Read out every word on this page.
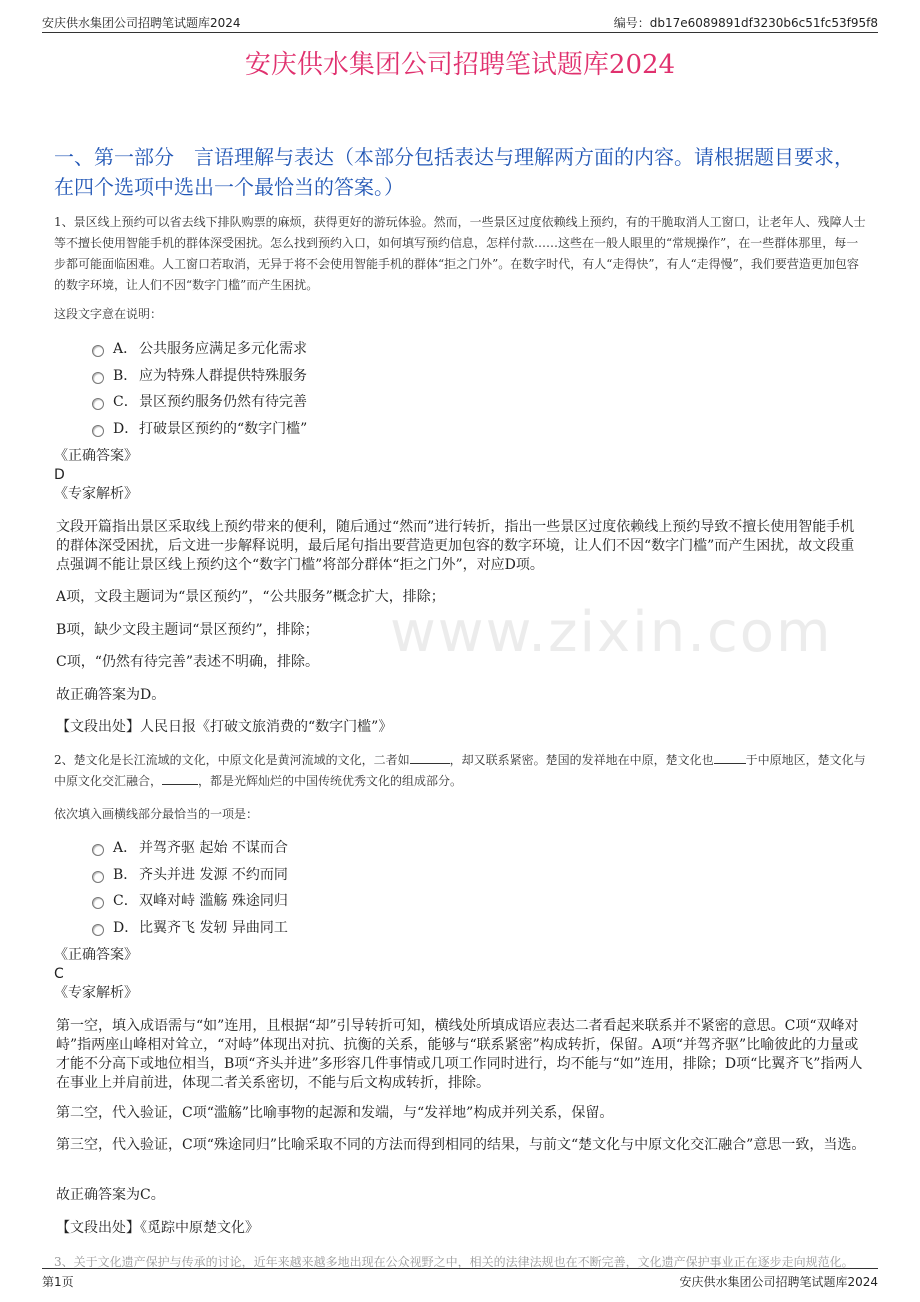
安庆供水集团公司招聘笔试题库2024	编号：db17e6089891df3230b6c51fc53f95f8
安庆供水集团公司招聘笔试题库2024
一、第一部分　言语理解与表达（本部分包括表达与理解两方面的内容。请根据题目要求，在四个选项中选出一个最恰当的答案。）
www.zixin.com
1、景区线上预约可以省去线下排队购票的麻烦，获得更好的游玩体验。然而，一些景区过度依赖线上预约，有的干脆取消人工窗口，让老年人、残障人士等不擅长使用智能手机的群体深受困扰。怎么找到预约入口，如何填写预约信息，怎样付款……这些在一般人眼里的“常规操作”，在一些群体那里，每一步都可能面临困难。人工窗口若取消，无异于将不会使用智能手机的群体“拒之门外”。在数字时代，有人“走得快”，有人“走得慢”，我们要营造更加包容的数字环境，让人们不因“数字门槛”而产生困扰。
这段文字意在说明：
A． 公共服务应满足多元化需求
B． 应为特殊人群提供特殊服务
C． 景区预约服务仍然有待完善
D． 打破景区预约的“数字门槛”
《正确答案》
D
《专家解析》
文段开篇指出景区采取线上预约带来的便利，随后通过“然而”进行转折，指出一些景区过度依赖线上预约导致不擅长使用智能手机的群体深受困扰，后文进一步解释说明，最后尾句指出要营造更加包容的数字环境，让人们不因“数字门槛”而产生困扰，故文段重点强调不能让景区线上预约这个“数字门槛”将部分群体“拒之门外”，对应D项。
A项，文段主题词为“景区预约”，“公共服务”概念扩大，排除；
B项，缺少文段主题词“景区预约”，排除；
C项，“仍然有待完善”表述不明确，排除。
故正确答案为D。
【文段出处】人民日报《打破文旅消费的“数字门槛”》
2、楚文化是长江流域的文化，中原文化是黄河流域的文化，二者如	，却又联系紧密。楚国的发祥地在中原，楚文化也	于中原地区，楚文化与中原文化交汇融合，	，都是光辉灿烂的中国传统优秀文化的组成部分。
依次填入画横线部分最恰当的一项是：
A． 并驾齐驱 起始 不谋而合
B． 齐头并进 发源 不约而同
C． 双峰对峙 滥觞 殊途同归
D． 比翼齐飞 发轫 异曲同工
《正确答案》
C
《专家解析》
第一空，填入成语需与“如”连用，且根据“却”引导转折可知，横线处所填成语应表达二者看起来联系并不紧密的意思。C项“双峰对峙”指两座山峰相对耸立，“对峙”体现出对抗、抗衡的关系，能够与“联系紧密”构成转折，保留。A项“并驾齐驱”比喻彼此的力量或才能不分高下或地位相当，B项“齐头并进”多形容几件事情或几项工作同时进行，均不能与“如”连用，排除；D项“比翼齐飞”指两人在事业上并肩前进，体现二者关系密切，不能与后文构成转折，排除。
第二空，代入验证，C项“滥觞”比喻事物的起源和发端，与“发祥地”构成并列关系，保留。
第三空，代入验证，C项“殊途同归”比喻采取不同的方法而得到相同的结果，与前文“楚文化与中原文化交汇融合”意思一致，当选。
故正确答案为C。
【文段出处】《觅踪中原楚文化》
3、关于文化遗产保护与传承的讨论，近年来越来越多地出现在公众视野之中，相关的法律法规也在不断完善，文化遗产保护事业正在逐步走向规范化。
第1页	安庆供水集团公司招聘笔试题库2024
